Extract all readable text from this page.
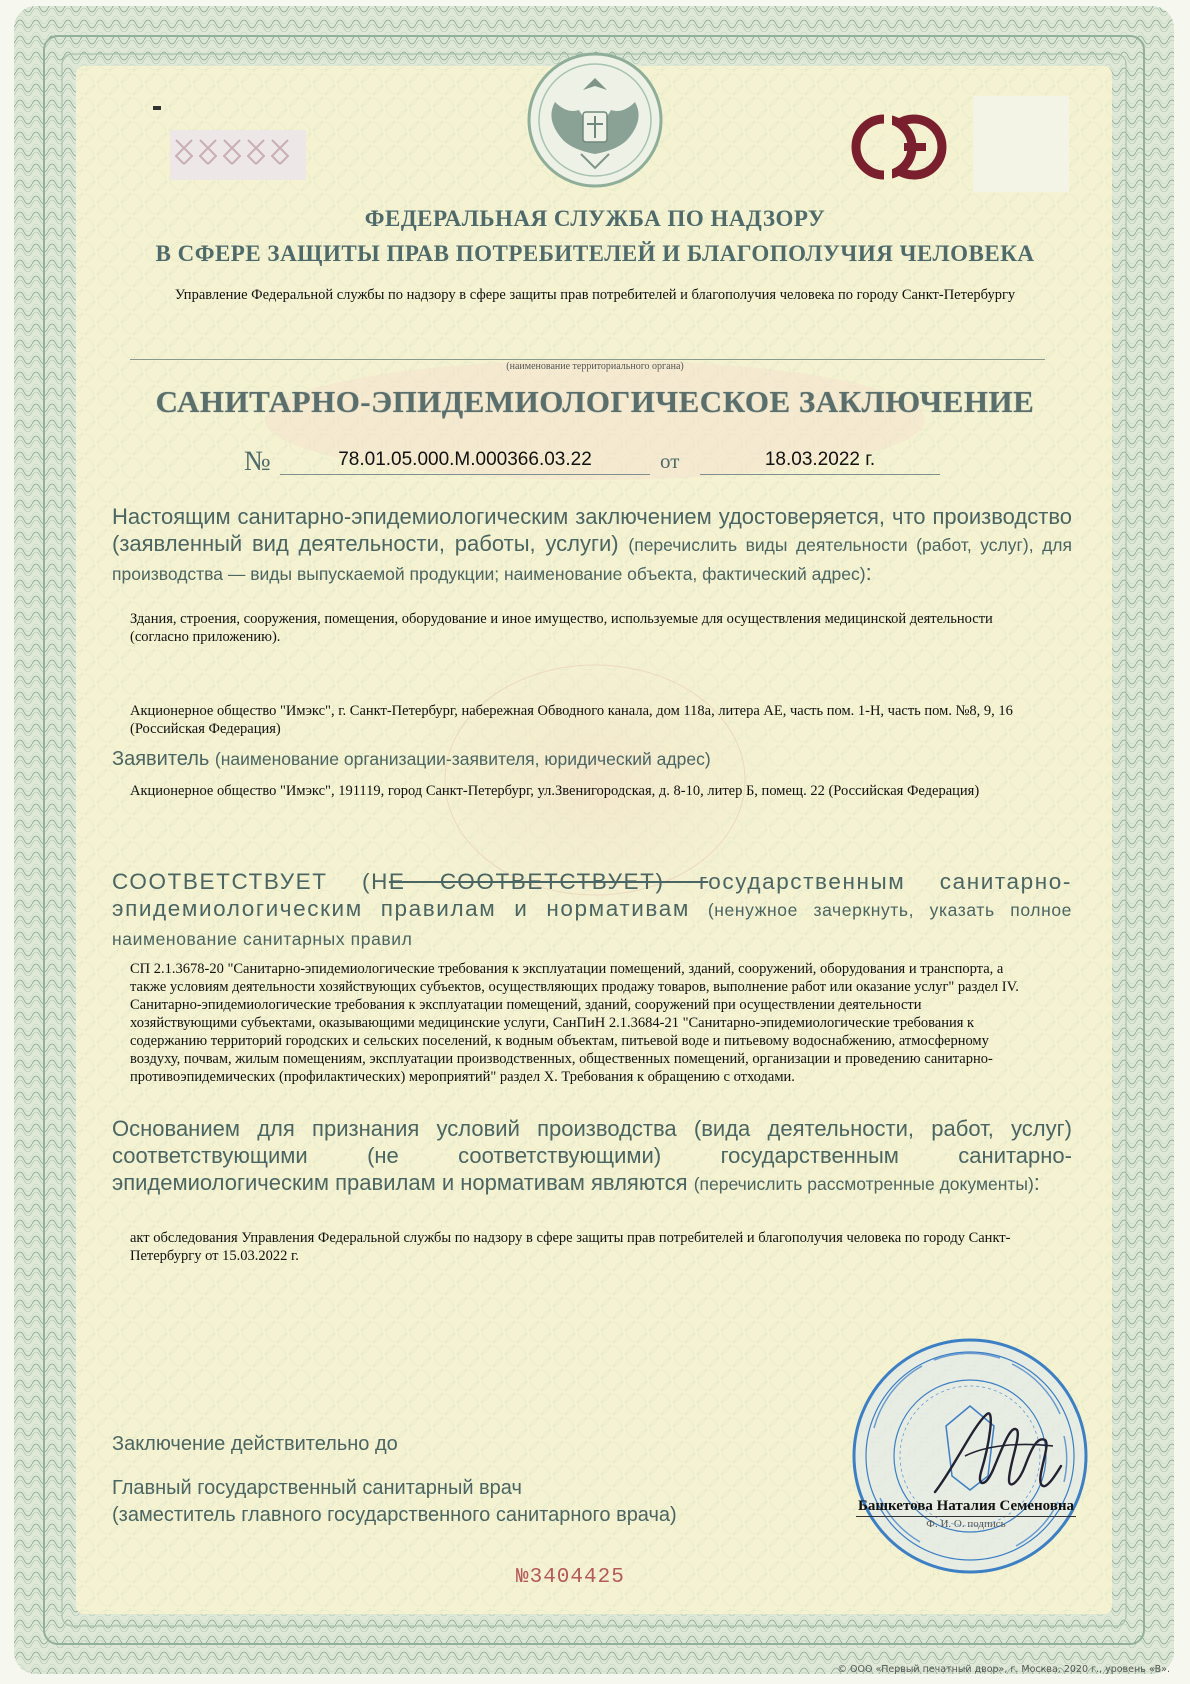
ФЕДЕРАЛЬНАЯ СЛУЖБА ПО НАДЗОРУ
В СФЕРЕ ЗАЩИТЫ ПРАВ ПОТРЕБИТЕЛЕЙ И БЛАГОПОЛУЧИЯ ЧЕЛОВЕКА
Управление Федеральной службы по надзору в сфере защиты прав потребителей и благополучия человека по городу Санкт-Петербургу
(наименование территориального органа)
САНИТАРНО-ЭПИДЕМИОЛОГИЧЕСКОЕ ЗАКЛЮЧЕНИЕ
№	78.01.05.000.М.000366.03.22	от	18.03.2022 г.
Настоящим санитарно-эпидемиологическим заключением удостоверяется, что производство (заявленный вид деятельности, работы, услуги) (перечислить виды деятельности (работ, услуг), для производства — виды выпускаемой продукции; наименование объекта, фактический адрес):
Здания, строения, сооружения, помещения, оборудование и иное имущество, используемые для осуществления медицинской деятельности (согласно приложению).
Акционерное общество "Имэкс", г. Санкт-Петербург, набережная Обводного канала, дом 118а, литера АЕ, часть пом. 1-Н, часть пом. №8, 9, 16 (Российская Федерация)
Заявитель (наименование организации-заявителя, юридический адрес)
Акционерное общество "Имэкс", 191119, город Санкт-Петербург, ул.Звенигородская, д. 8-10, литер Б, помещ. 22 (Российская Федерация)
СООТВЕТСТВУЕТ (НЕ СООТВЕТСТВУЕТ) государственным санитарно-эпидемиологическим правилам и нормативам (ненужное зачеркнуть, указать полное наименование санитарных правил
СП 2.1.3678-20 "Санитарно-эпидемиологические требования к эксплуатации помещений, зданий, сооружений, оборудования и транспорта, а также условиям деятельности хозяйствующих субъектов, осуществляющих продажу товаров, выполнение работ или оказание услуг" раздел IV. Санитарно-эпидемиологические требования к эксплуатации помещений, зданий, сооружений при осуществлении деятельности хозяйствующими субъектами, оказывающими медицинские услуги, СанПиН 2.1.3684-21 "Санитарно-эпидемиологические требования к содержанию территорий городских и сельских поселений, к водным объектам, питьевой воде и питьевому водоснабжению, атмосферному воздуху, почвам, жилым помещениям, эксплуатации производственных, общественных помещений, организации и проведению санитарно-противоэпидемических (профилактических) мероприятий" раздел X. Требования к обращению с отходами.
Основанием для признания условий производства (вида деятельности, работ, услуг) соответствующими (не соответствующими) государственным санитарно-эпидемиологическим правилам и нормативам являются (перечислить рассмотренные документы):
акт обследования Управления Федеральной службы по надзору в сфере защиты прав потребителей и благополучия человека по городу Санкт-Петербургу от 15.03.2022 г.
Заключение действительно до
Главный государственный санитарный врач
(заместитель главного государственного санитарного врача)	Башкетова Наталия Семеновна
Ф. И. О. подпись
№3404425
© ООО «Первый печатный двор», г. Москва, 2020 г., уровень «В».
